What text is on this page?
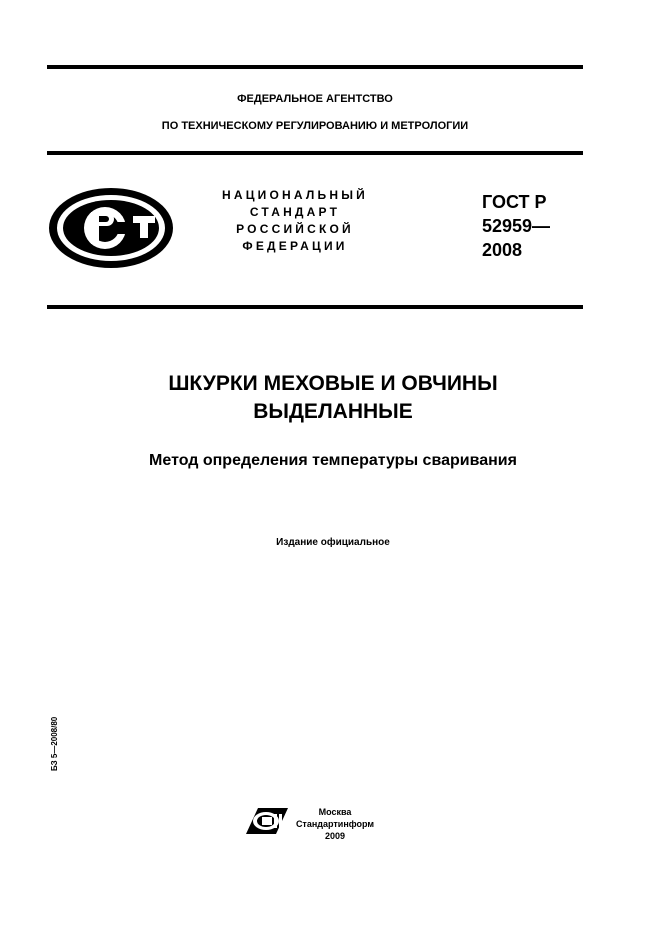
ФЕДЕРАЛЬНОЕ АГЕНТСТВО
ПО ТЕХНИЧЕСКОМУ РЕГУЛИРОВАНИЮ И МЕТРОЛОГИИ
НАЦИОНАЛЬНЫЙ
СТАНДАРТ
РОССИЙСКОЙ
ФЕДЕРАЦИИ
ГОСТ Р
52959—
2008
ШКУРКИ МЕХОВЫЕ И ОВЧИНЫ
ВЫДЕЛАННЫЕ
Метод определения температуры сваривания
Издание официальное
БЗ 5—2008/80
Москва
Стандартинформ
2009
